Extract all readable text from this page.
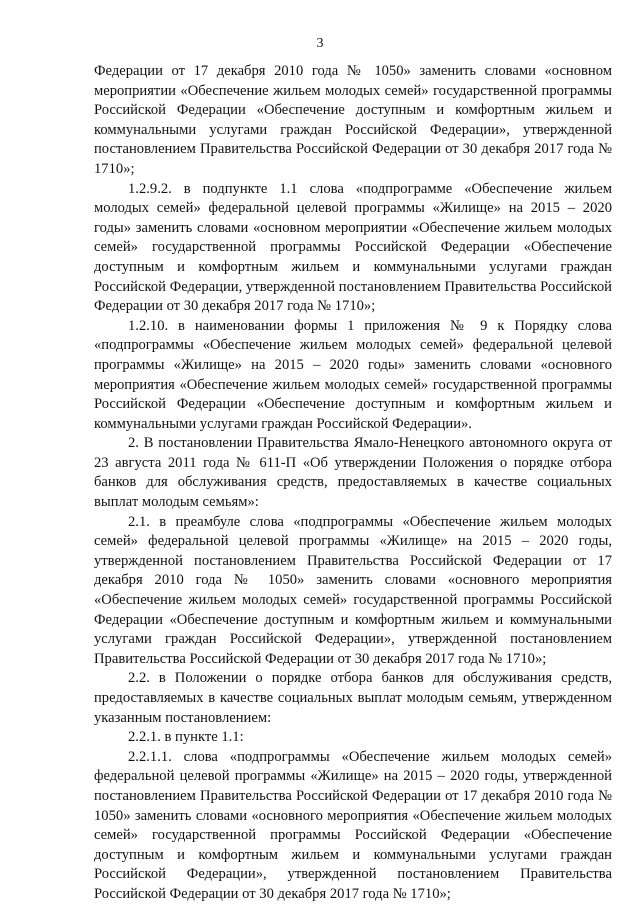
3

Федерации от 17 декабря 2010 года № 1050» заменить словами «основном мероприятии «Обеспечение жильем молодых семей» государственной программы Российской Федерации «Обеспечение доступным и комфортным жильем и коммунальными услугами граждан Российской Федерации», утвержденной постановлением Правительства Российской Федерации от 30 декабря 2017 года № 1710»;

1.2.9.2. в подпункте 1.1 слова «подпрограмме «Обеспечение жильем молодых семей» федеральной целевой программы «Жилище» на 2015 – 2020 годы» заменить словами «основном мероприятии «Обеспечение жильем молодых семей» государственной программы Российской Федерации «Обеспечение доступным и комфортным жильем и коммунальными услугами граждан Российской Федерации, утвержденной постановлением Правительства Российской Федерации от 30 декабря 2017 года № 1710»;

1.2.10. в наименовании формы 1 приложения № 9 к Порядку слова «подпрограммы «Обеспечение жильем молодых семей» федеральной целевой программы «Жилище» на 2015 – 2020 годы» заменить словами «основного мероприятия «Обеспечение жильем молодых семей» государственной программы Российской Федерации «Обеспечение доступным и комфортным жильем и коммунальными услугами граждан Российской Федерации».

2. В постановлении Правительства Ямало-Ненецкого автономного округа от 23 августа 2011 года № 611-П «Об утверждении Положения о порядке отбора банков для обслуживания средств, предоставляемых в качестве социальных выплат молодым семьям»:

2.1. в преамбуле слова «подпрограммы «Обеспечение жильем молодых семей» федеральной целевой программы «Жилище» на 2015 – 2020 годы, утвержденной постановлением Правительства Российской Федерации от 17 декабря 2010 года № 1050» заменить словами «основного мероприятия «Обеспечение жильем молодых семей» государственной программы Российской Федерации «Обеспечение доступным и комфортным жильем и коммунальными услугами граждан Российской Федерации», утвержденной постановлением Правительства Российской Федерации от 30 декабря 2017 года № 1710»;

2.2. в Положении о порядке отбора банков для обслуживания средств, предоставляемых в качестве социальных выплат молодым семьям, утвержденном указанным постановлением:

2.2.1. в пункте 1.1:

2.2.1.1. слова «подпрограммы «Обеспечение жильем молодых семей» федеральной целевой программы «Жилище» на 2015 – 2020 годы, утвержденной постановлением Правительства Российской Федерации от 17 декабря 2010 года № 1050» заменить словами «основного мероприятия «Обеспечение жильем молодых семей» государственной программы Российской Федерации «Обеспечение доступным и комфортным жильем и коммунальными услугами граждан Российской Федерации», утвержденной постановлением Правительства Российской Федерации от 30 декабря 2017 года № 1710»;
